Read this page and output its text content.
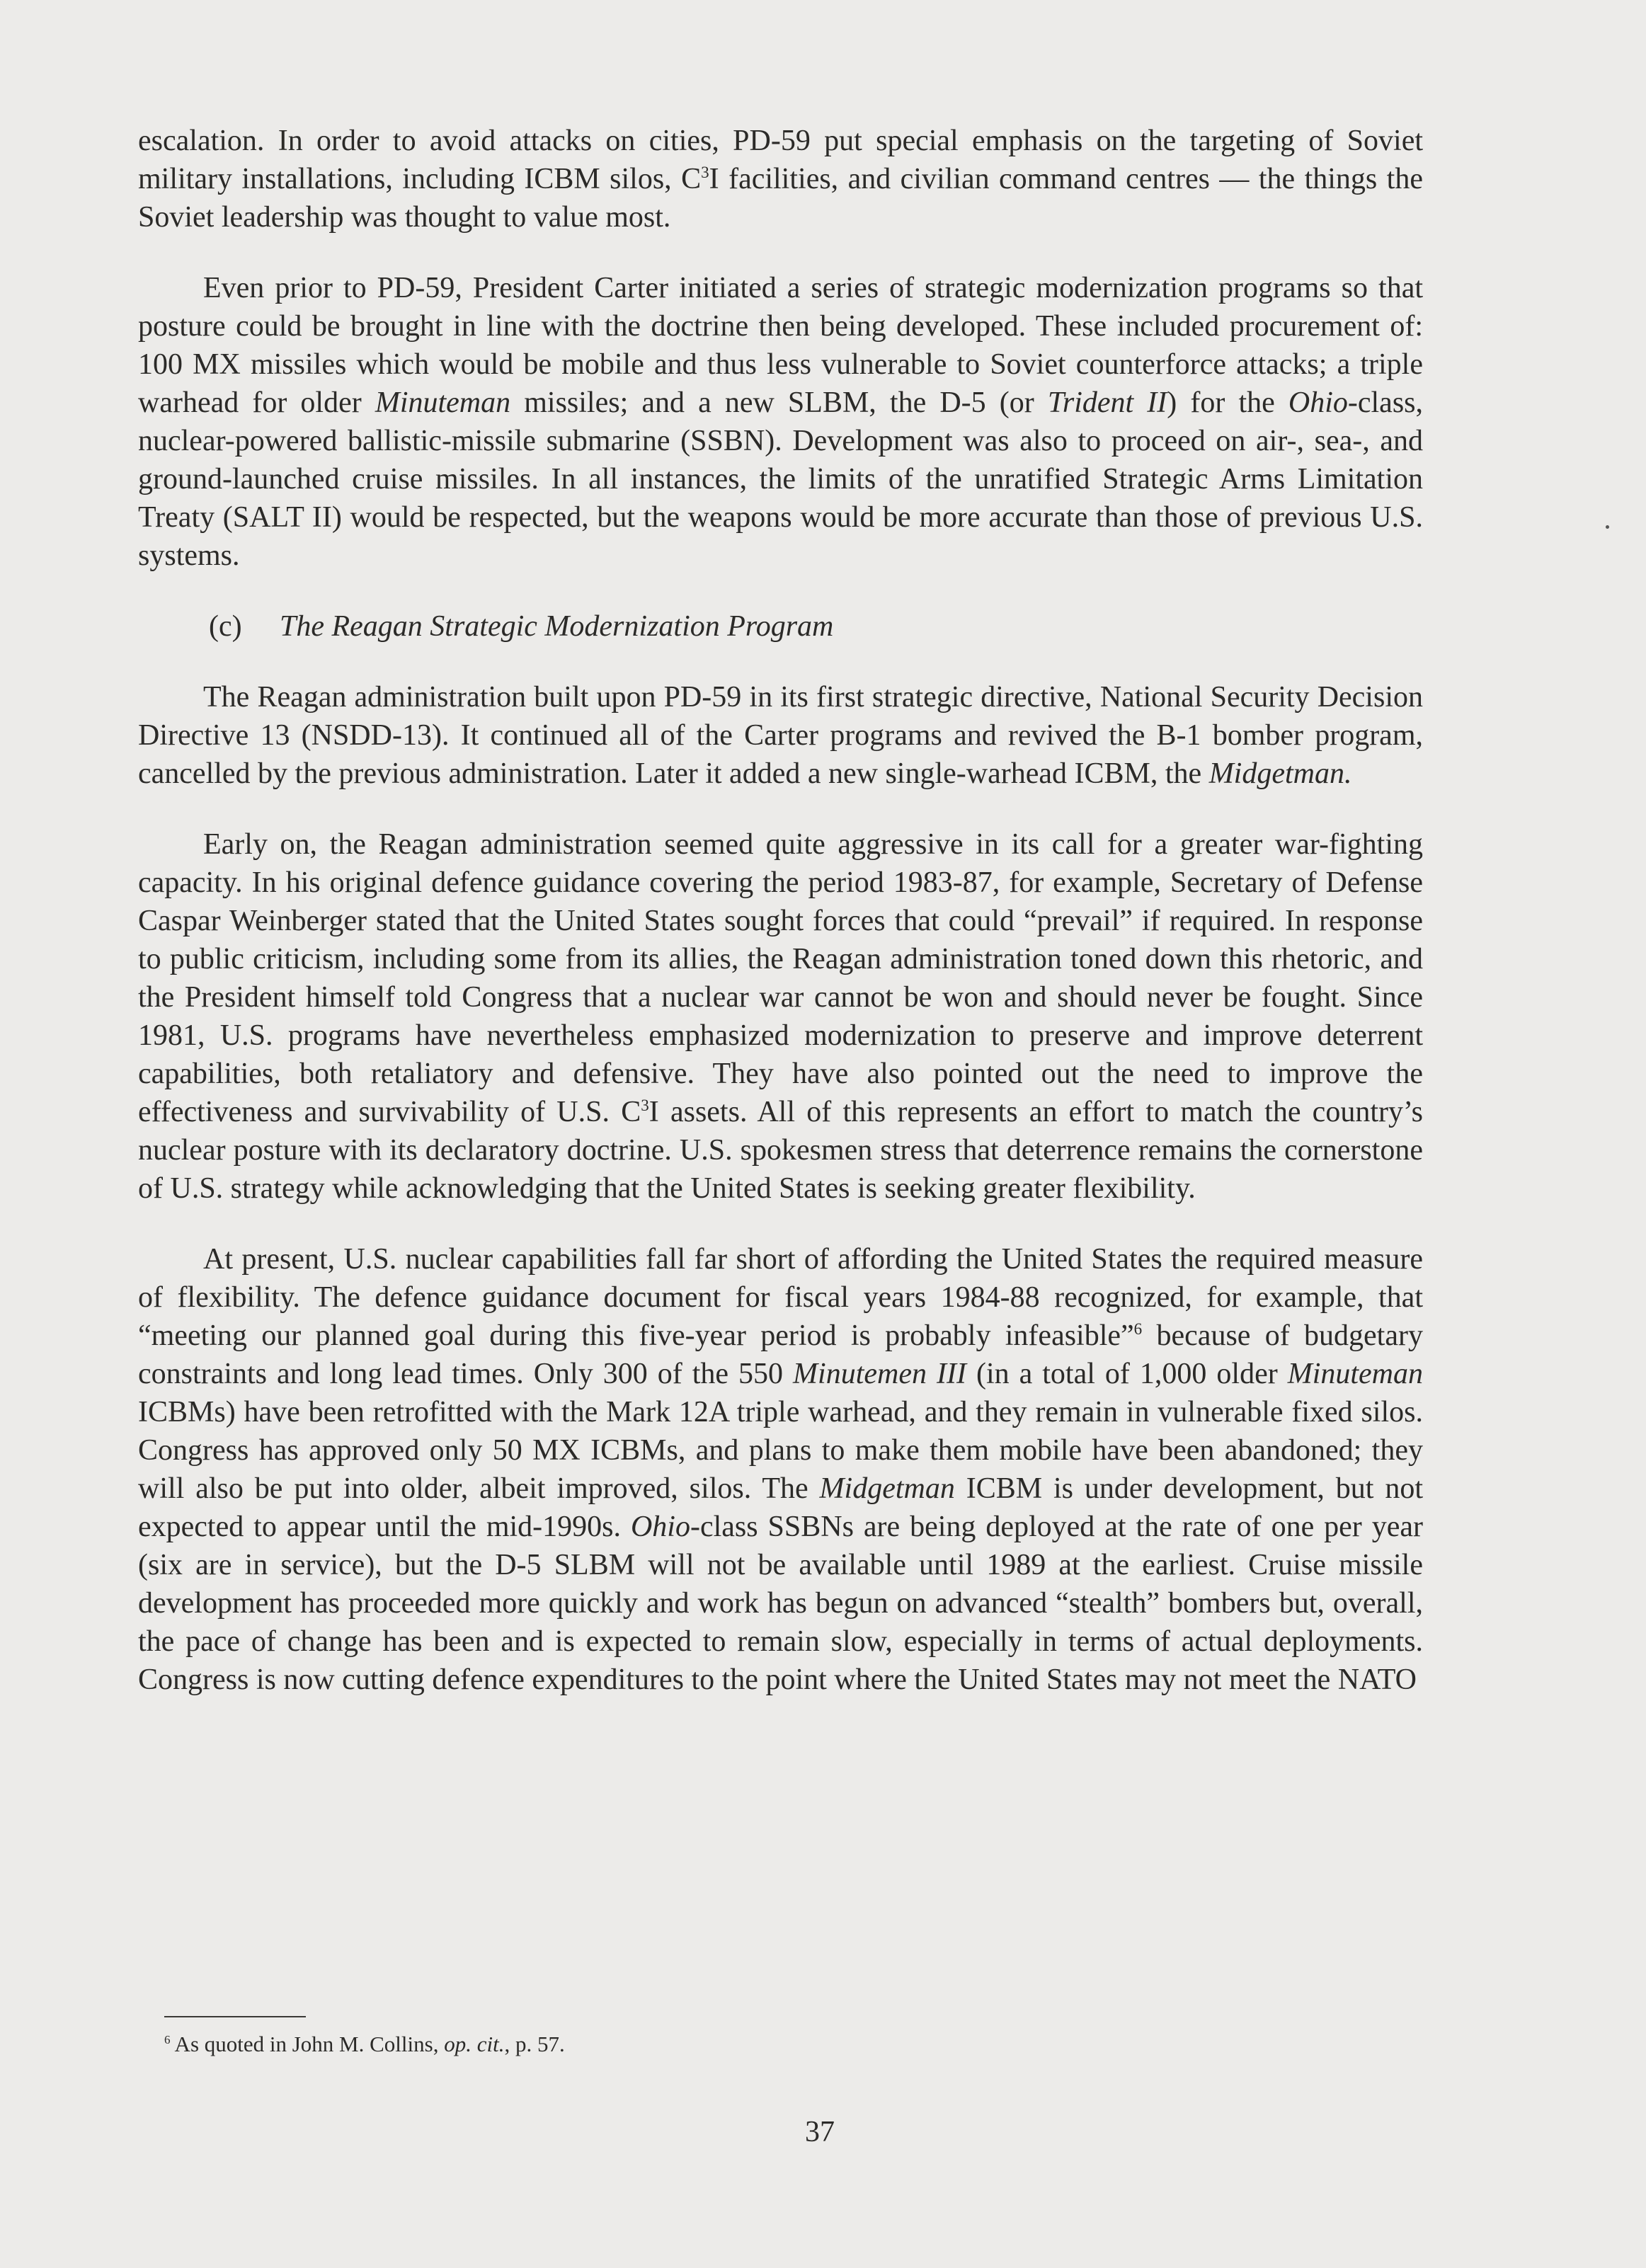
escalation. In order to avoid attacks on cities, PD-59 put special emphasis on the targeting of Soviet military installations, including ICBM silos, $C^3I$ facilities, and civilian command centres — the things the Soviet leadership was thought to value most.

Even prior to PD-59, President Carter initiated a series of strategic modernization programs so that posture could be brought in line with the doctrine then being developed. These included procurement of: 100 MX missiles which would be mobile and thus less vulnerable to Soviet counterforce attacks; a triple warhead for older Minuteman missiles; and a new SLBM, the D-5 (or Trident II) for the Ohio-class, nuclear-powered ballistic-missile submarine (SSBN). Development was also to proceed on air-, sea-, and ground-launched cruise missiles. In all instances, the limits of the unratified Strategic Arms Limitation Treaty (SALT II) would be respected, but the weapons would be more accurate than those of previous U.S. systems.

(c) The Reagan Strategic Modernization Program

The Reagan administration built upon PD-59 in its first strategic directive, National Security Decision Directive 13 (NSDD-13). It continued all of the Carter programs and revived the B-1 bomber program, cancelled by the previous administration. Later it added a new single-warhead ICBM, the Midgetman.

Early on, the Reagan administration seemed quite aggressive in its call for a greater war-fighting capacity. In his original defence guidance covering the period 1983-87, for example, Secretary of Defense Caspar Weinberger stated that the United States sought forces that could “prevail” if required. In response to public criticism, including some from its allies, the Reagan administration toned down this rhetoric, and the President himself told Congress that a nuclear war cannot be won and should never be fought. Since 1981, U.S. programs have nevertheless emphasized modernization to preserve and improve deterrent capabilities, both retaliatory and defensive. They have also pointed out the need to improve the effectiveness and survivability of U.S. $C^3I$ assets. All of this represents an effort to match the country’s nuclear posture with its declaratory doctrine. U.S. spokesmen stress that deterrence remains the cornerstone of U.S. strategy while acknowledging that the United States is seeking greater flexibility.

At present, U.S. nuclear capabilities fall far short of affording the United States the required measure of flexibility. The defence guidance document for fiscal years 1984-88 recognized, for example, that “meeting our planned goal during this five-year period is probably infeasible”$^6$ because of budgetary constraints and long lead times. Only 300 of the 550 Minutemen III (in a total of 1,000 older Minuteman ICBMs) have been retrofitted with the Mark 12A triple warhead, and they remain in vulnerable fixed silos. Congress has approved only 50 MX ICBMs, and plans to make them mobile have been abandoned; they will also be put into older, albeit improved, silos. The Midgetman ICBM is under development, but not expected to appear until the mid-1990s. Ohio-class SSBNs are being deployed at the rate of one per year (six are in service), but the D-5 SLBM will not be available until 1989 at the earliest. Cruise missile development has proceeded more quickly and work has begun on advanced “stealth” bombers but, overall, the pace of change has been and is expected to remain slow, especially in terms of actual deployments. Congress is now cutting defence expenditures to the point where the United States may not meet the NATO

$^6$ As quoted in John M. Collins, op. cit., p. 57.
37
